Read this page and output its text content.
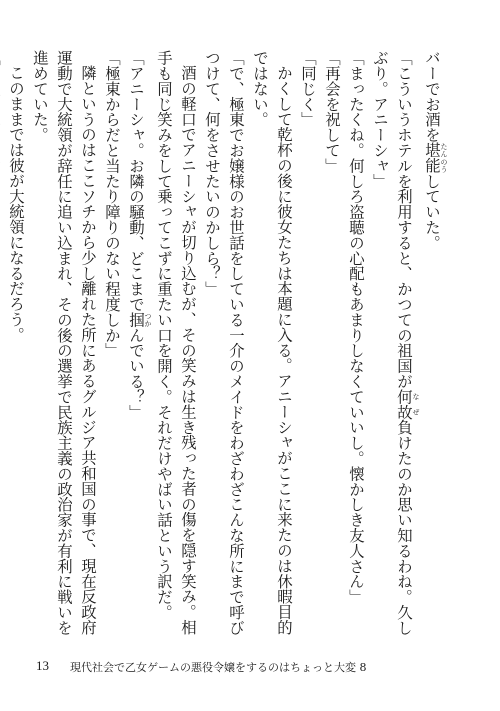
バーでお酒を堪能 たんのうしていた。

「こういうホテルを利用すると、かつての祖国が何故 なぜ負けたのか思い知るわね。久しぶり。アニーシャ」

「まったくね。何しろ盗聴の心配もあまりしなくていいし。懐かしき友人さん」

「再会を祝して」

「同じく」

かくして乾杯の後に彼女たちは本題に入る。アニーシャがここに来たのは休暇目的ではない。

「で、極東でお嬢様のお世話をしている一介のメイドをわざわざこんな所にまで呼びつけて、何をさせたいのかしら？」

酒の軽口でアニーシャが切り込むが、その笑みは生き残った者の傷を隠す笑み。相手も同じ笑みをして乗ってこずに重たい口を開く。それだけやばい話という訳だ。

「アニーシャ。お隣の騒動、どこまで掴 つかんでいる？」

「極東からだと当たり障りのない程度しか」

隣というのはここソチから少し離れた所にあるグルジア共和国の事で、現在反政府運動で大統領が辞任に追い込まれ、その後の選挙で民族主義の政治家が有利に戦いを進めていた。

このままでは彼が大統領になるだろう。

13 現代社会で乙女ゲームの悪役令嬢をするのはちょっと大変 8
